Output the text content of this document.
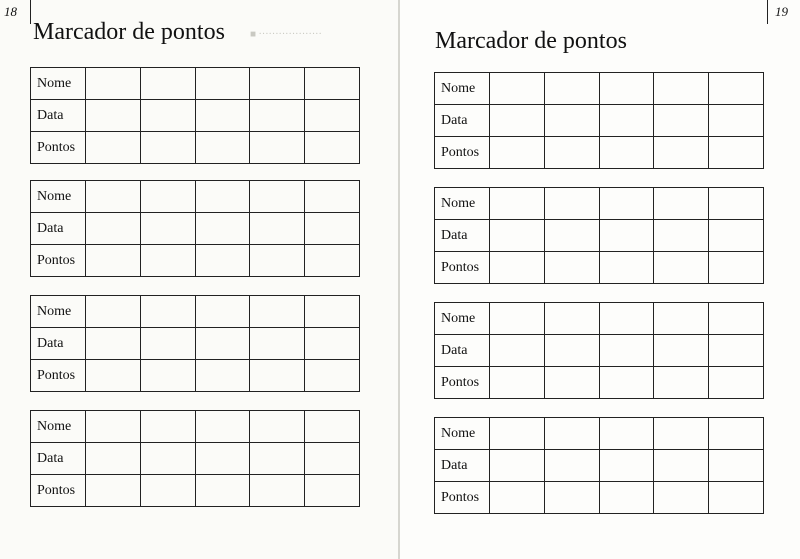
18
■ ···················
Marcador de pontos
Nome					
Data					
Pontos					
Nome					
Data					
Pontos					
Nome					
Data					
Pontos					
Nome					
Data					
Pontos					
19
Marcador de pontos
Nome					
Data					
Pontos					
Nome					
Data					
Pontos					
Nome					
Data					
Pontos					
Nome					
Data					
Pontos					
